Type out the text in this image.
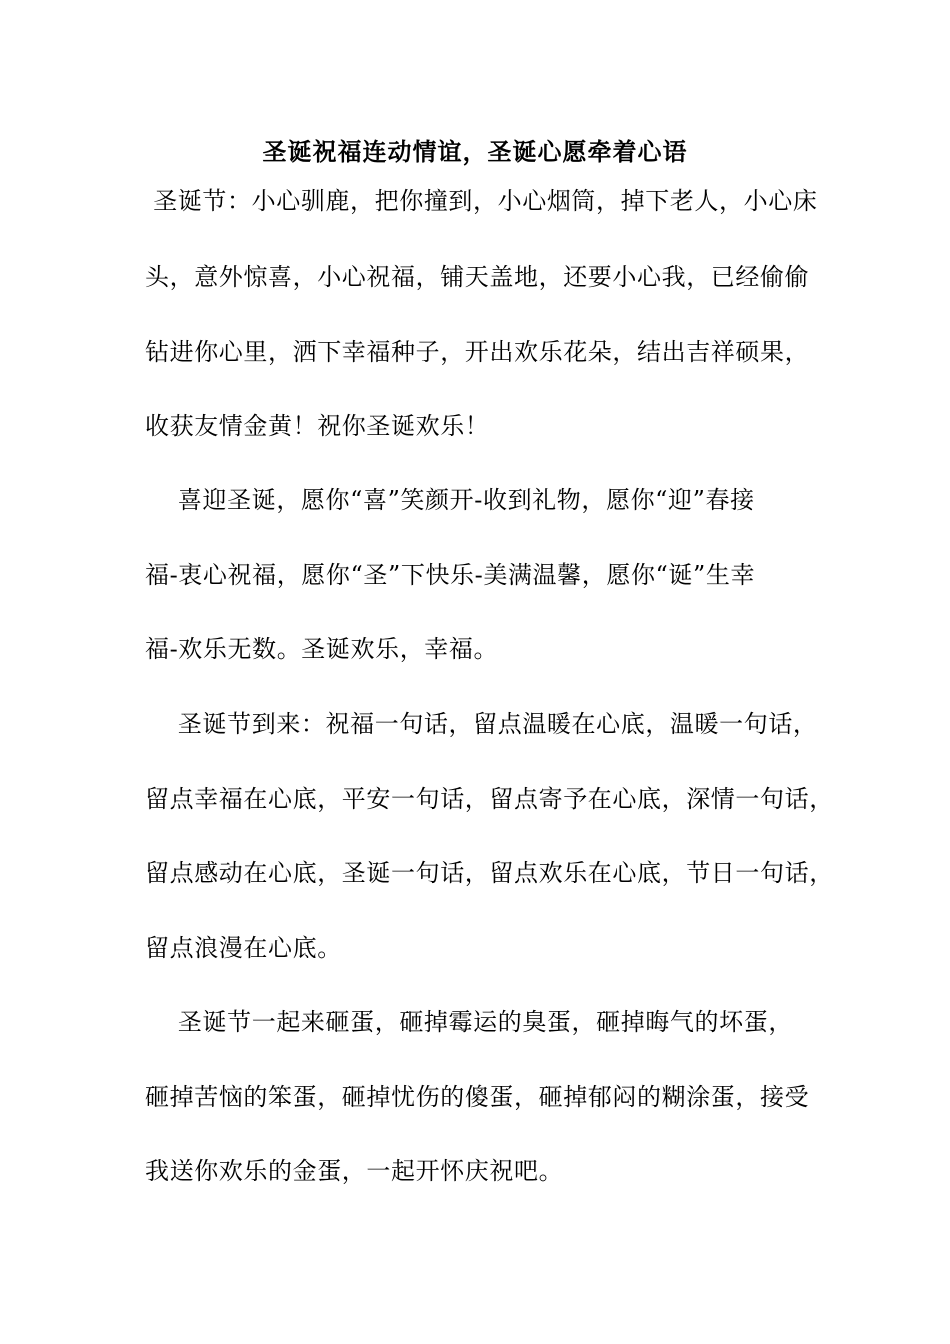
圣诞祝福连动情谊，圣诞心愿牵着心语
圣诞节：小心驯鹿，把你撞到，小心烟筒，掉下老人，小心床
头，意外惊喜，小心祝福，铺天盖地，还要小心我，已经偷偷
钻进你心里，洒下幸福种子，开出欢乐花朵，结出吉祥硕果，
收获友情金黄！祝你圣诞欢乐！
喜迎圣诞，愿你“喜”笑颜开-收到礼物，愿你“迎”春接
福-衷心祝福，愿你“圣”下快乐-美满温馨，愿你“诞”生幸
福-欢乐无数。圣诞欢乐，幸福。
圣诞节到来：祝福一句话，留点温暖在心底，温暖一句话，
留点幸福在心底，平安一句话，留点寄予在心底，深情一句话，
留点感动在心底，圣诞一句话，留点欢乐在心底，节日一句话，
留点浪漫在心底。
圣诞节一起来砸蛋，砸掉霉运的臭蛋，砸掉晦气的坏蛋，
砸掉苦恼的笨蛋，砸掉忧伤的傻蛋，砸掉郁闷的糊涂蛋，接受
我送你欢乐的金蛋，一起开怀庆祝吧。
